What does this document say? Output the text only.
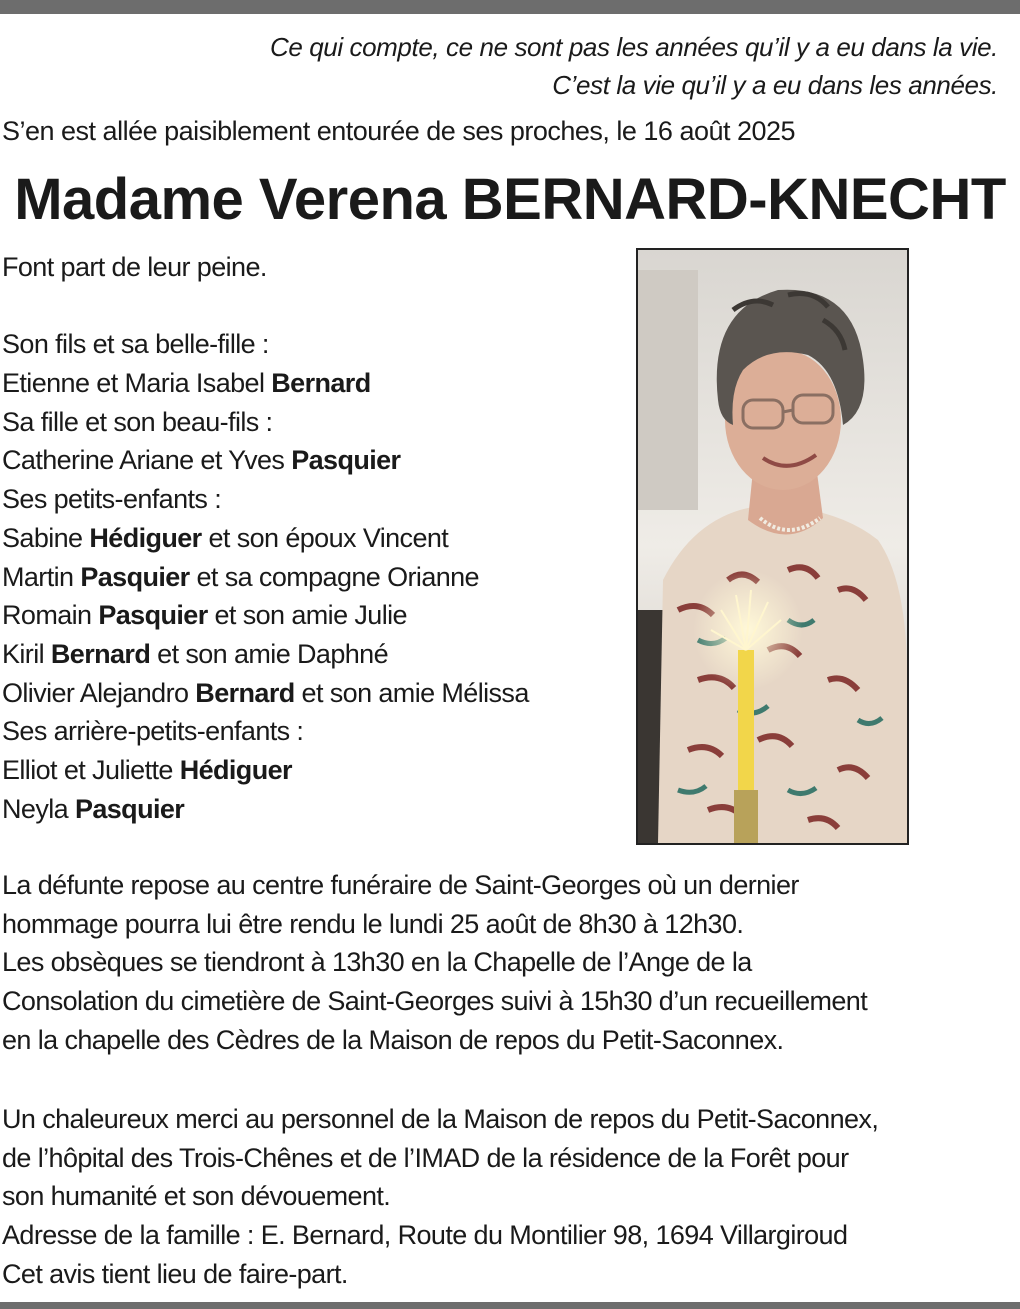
Ce qui compte, ce ne sont pas les années qu’il y a eu dans la vie.
C’est la vie qu’il y a eu dans les années.
S’en est allée paisiblement entourée de ses proches, le 16 août 2025
Madame Verena BERNARD-KNECHT
Font part de leur peine.
Son fils et sa belle-fille :
Etienne et Maria Isabel Bernard
Sa fille et son beau-fils :
Catherine Ariane et Yves Pasquier
Ses petits-enfants :
Sabine Hédiguer et son époux Vincent
Martin Pasquier et sa compagne Orianne
Romain Pasquier et son amie Julie
Kiril Bernard et son amie Daphné
Olivier Alejandro Bernard et son amie Mélissa
Ses arrière-petits-enfants :
Elliot et Juliette Hédiguer
Neyla Pasquier
La défunte repose au centre funéraire de Saint-Georges où un dernier
hommage pourra lui être rendu le lundi 25 août de 8h30 à 12h30.
Les obsèques se tiendront à 13h30 en la Chapelle de l’Ange de la
Consolation du cimetière de Saint-Georges suivi à 15h30 d’un recueillement
en la chapelle des Cèdres de la Maison de repos du Petit-Saconnex.
Un chaleureux merci au personnel de la Maison de repos du Petit-Saconnex,
de l’hôpital des Trois-Chênes et de l’IMAD de la résidence de la Forêt pour
son humanité et son dévouement.
Adresse de la famille : E. Bernard, Route du Montilier 98, 1694 Villargiroud
Cet avis tient lieu de faire-part.
